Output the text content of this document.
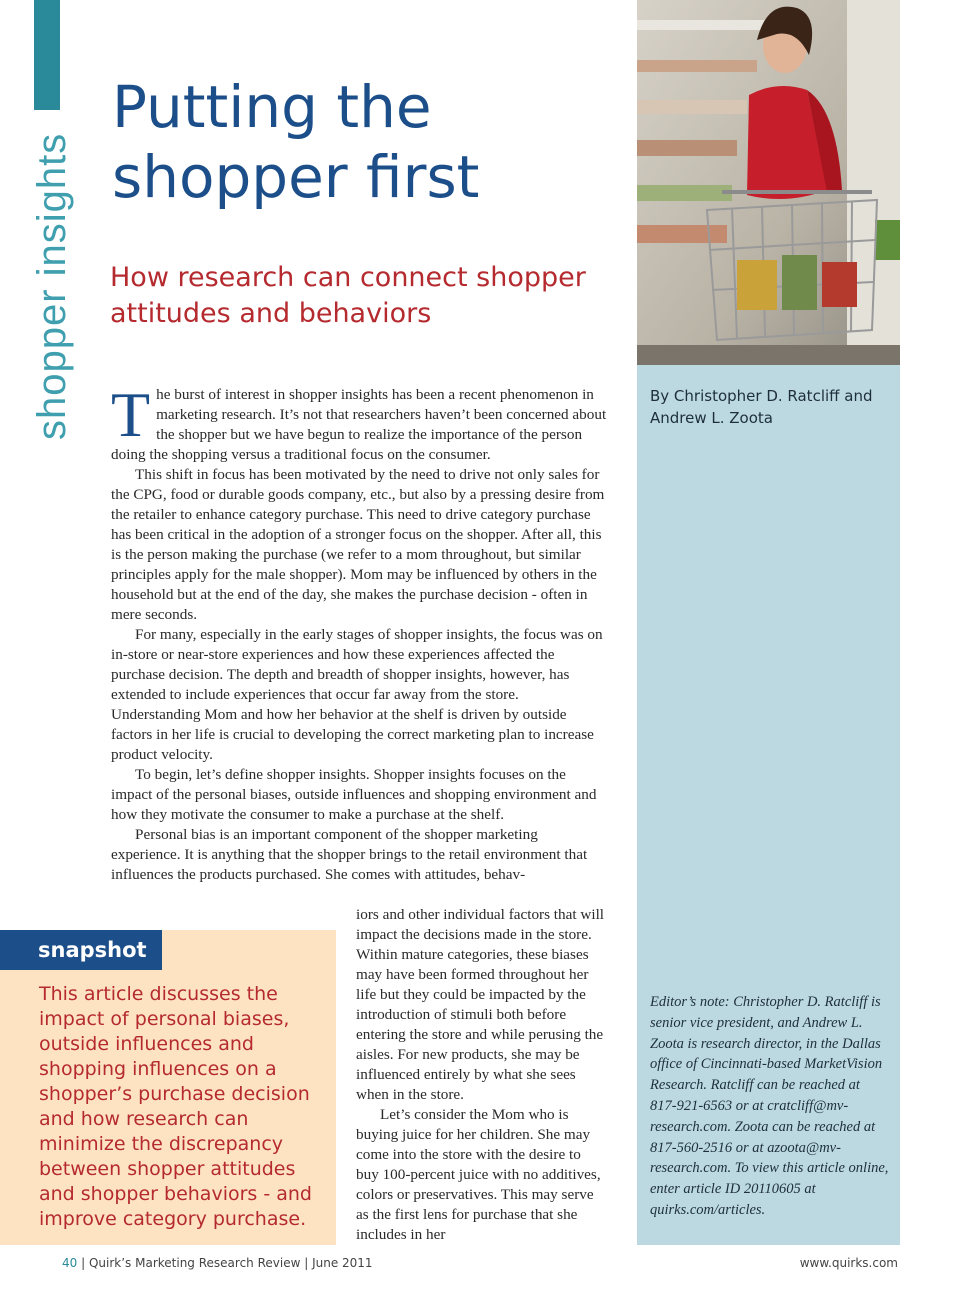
shopper insights
Putting the shopper first
How research can connect shopper attitudes and behaviors

By Christopher D. Ratcliff and Andrew L. Zoota

Editor’s note: Christopher D. Ratcliff is senior vice president, and Andrew L. Zoota is research director, in the Dallas office of Cincinnati-based MarketVision Research. Ratcliff can be reached at 817-921-6563 or at cratcliff@mv-research.com. Zoota can be reached at 817-560-2516 or at azoota@mv-research.com. To view this article online, enter article ID 20110605 at quirks.com/articles.

The burst of interest in shopper insights has been a recent phenomenon in marketing research. It’s not that researchers haven’t been concerned about the shopper but we have begun to realize the importance of the person doing the shopping versus a traditional focus on the consumer.

This shift in focus has been motivated by the need to drive not only sales for the CPG, food or durable goods company, etc., but also by a pressing desire from the retailer to enhance category purchase. This need to drive category purchase has been critical in the adoption of a stronger focus on the shopper. After all, this is the person making the purchase (we refer to a mom throughout, but similar principles apply for the male shopper). Mom may be influenced by others in the household but at the end of the day, she makes the purchase decision - often in mere seconds.

For many, especially in the early stages of shopper insights, the focus was on in-store or near-store experiences and how these experiences affected the purchase decision. The depth and breadth of shopper insights, however, has extended to include experiences that occur far away from the store. Understanding Mom and how her behavior at the shelf is driven by outside factors in her life is crucial to developing the correct marketing plan to increase product velocity.

To begin, let’s define shopper insights. Shopper insights focuses on the impact of the personal biases, outside influences and shopping environment and how they motivate the consumer to make a purchase at the shelf.

Personal bias is an important component of the shopper marketing experience. It is anything that the shopper brings to the retail environment that influences the products purchased. She comes with attitudes, behav-

iors and other individual factors that will impact the decisions made in the store. Within mature categories, these biases may have been formed throughout her life but they could be impacted by the introduction of stimuli both before entering the store and while perusing the aisles. For new products, she may be influenced entirely by what she sees when in the store.

Let’s consider the Mom who is buying juice for her children. She may come into the store with the desire to buy 100-percent juice with no additives, colors or preservatives. This may serve as the first lens for purchase that she includes in her

snapshot

This article discusses the impact of personal biases, outside influences and shopping influences on a shopper’s purchase decision and how research can minimize the discrepancy between shopper attitudes and shopper behaviors - and improve category purchase.

40 | Quirk’s Marketing Research Review | June 2011	www.quirks.com
